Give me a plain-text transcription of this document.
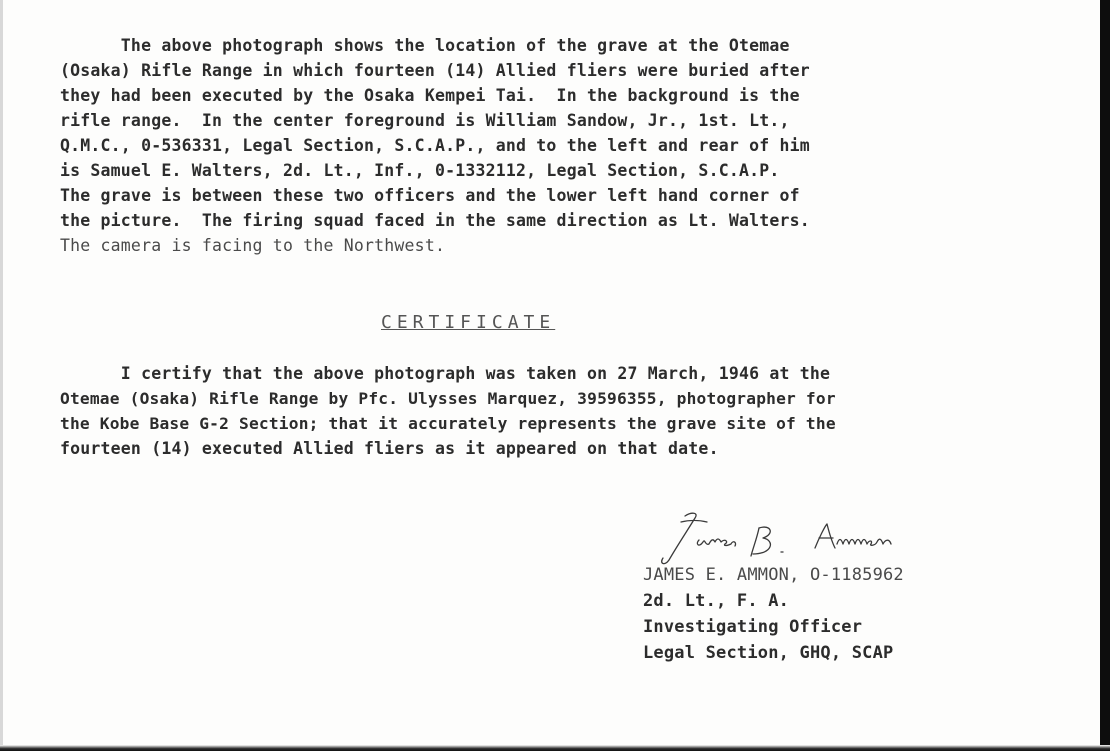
The above photograph shows the location of the grave at the Otemae
(Osaka) Rifle Range in which fourteen (14) Allied fliers were buried after
they had been executed by the Osaka Kempei Tai.  In the background is the
rifle range.  In the center foreground is William Sandow, Jr., 1st. Lt.,
Q.M.C., 0-536331, Legal Section, S.C.A.P., and to the left and rear of him
is Samuel E. Walters, 2d. Lt., Inf., 0-1332112, Legal Section, S.C.A.P.
The grave is between these two officers and the lower left hand corner of
the picture.  The firing squad faced in the same direction as Lt. Walters.
The camera is facing to the Northwest.
CERTIFICATE
I certify that the above photograph was taken on 27 March, 1946 at the
Otemae (Osaka) Rifle Range by Pfc. Ulysses Marquez, 39596355, photographer for
the Kobe Base G-2 Section; that it accurately represents the grave site of the
fourteen (14) executed Allied fliers as it appeared on that date.
JAMES E. AMMON, O-1185962
2d. Lt., F. A.
Investigating Officer
Legal Section, GHQ, SCAP
